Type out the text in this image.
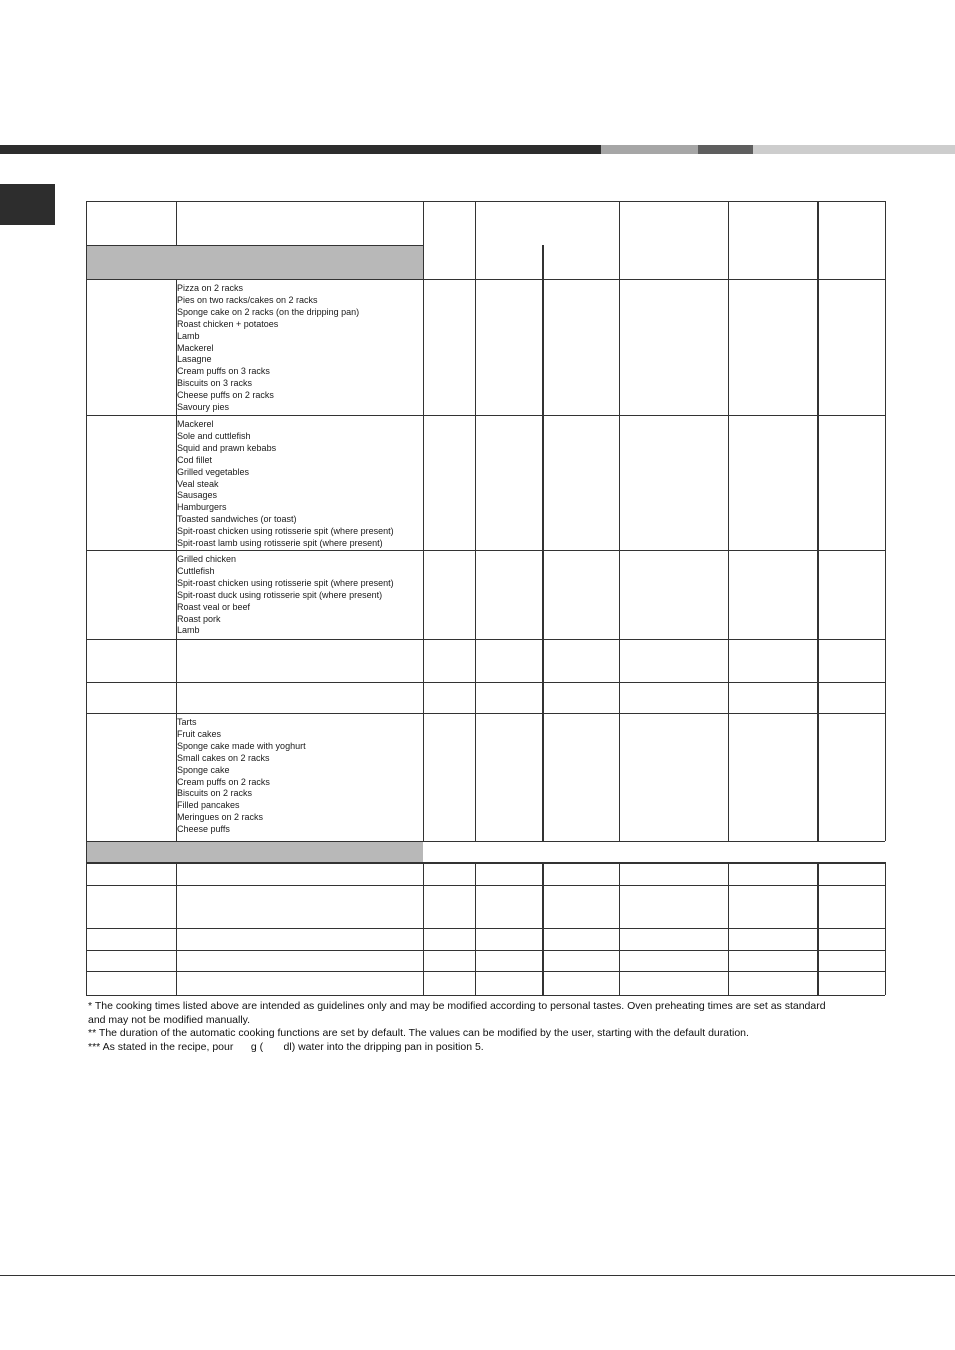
Pizza on 2 racks
Pies on two racks/cakes on 2 racks
Sponge cake on 2 racks (on the dripping pan)
Roast chicken + potatoes
Lamb
Mackerel
Lasagne
Cream puffs on 3 racks
Biscuits on 3 racks
Cheese puffs on 2 racks
Savoury pies
Mackerel
Sole and cuttlefish
Squid and prawn kebabs
Cod fillet
Grilled vegetables
Veal steak
Sausages
Hamburgers
Toasted sandwiches (or toast)
Spit-roast chicken using rotisserie spit (where present)
Spit-roast lamb using rotisserie spit (where present)
Grilled chicken
Cuttlefish
Spit-roast chicken using rotisserie spit (where present)
Spit-roast duck using rotisserie spit (where present)
Roast veal or beef
Roast pork
Lamb
Tarts
Fruit cakes
Sponge cake made with yoghurt
Small cakes on 2 racks
Sponge cake
Cream puffs on 2 racks
Biscuits on 2 racks
Filled pancakes
Meringues on 2 racks
Cheese puffs
* The cooking times listed above are intended as guidelines only and may be modified according to personal tastes. Oven preheating times are set as standard
and may not be modified manually.
** The duration of the automatic cooking functions are set by default. The values can be modified by the user, starting with the default duration.
*** As stated in the recipe, pour      g (       dl) water into the dripping pan in position 5.
